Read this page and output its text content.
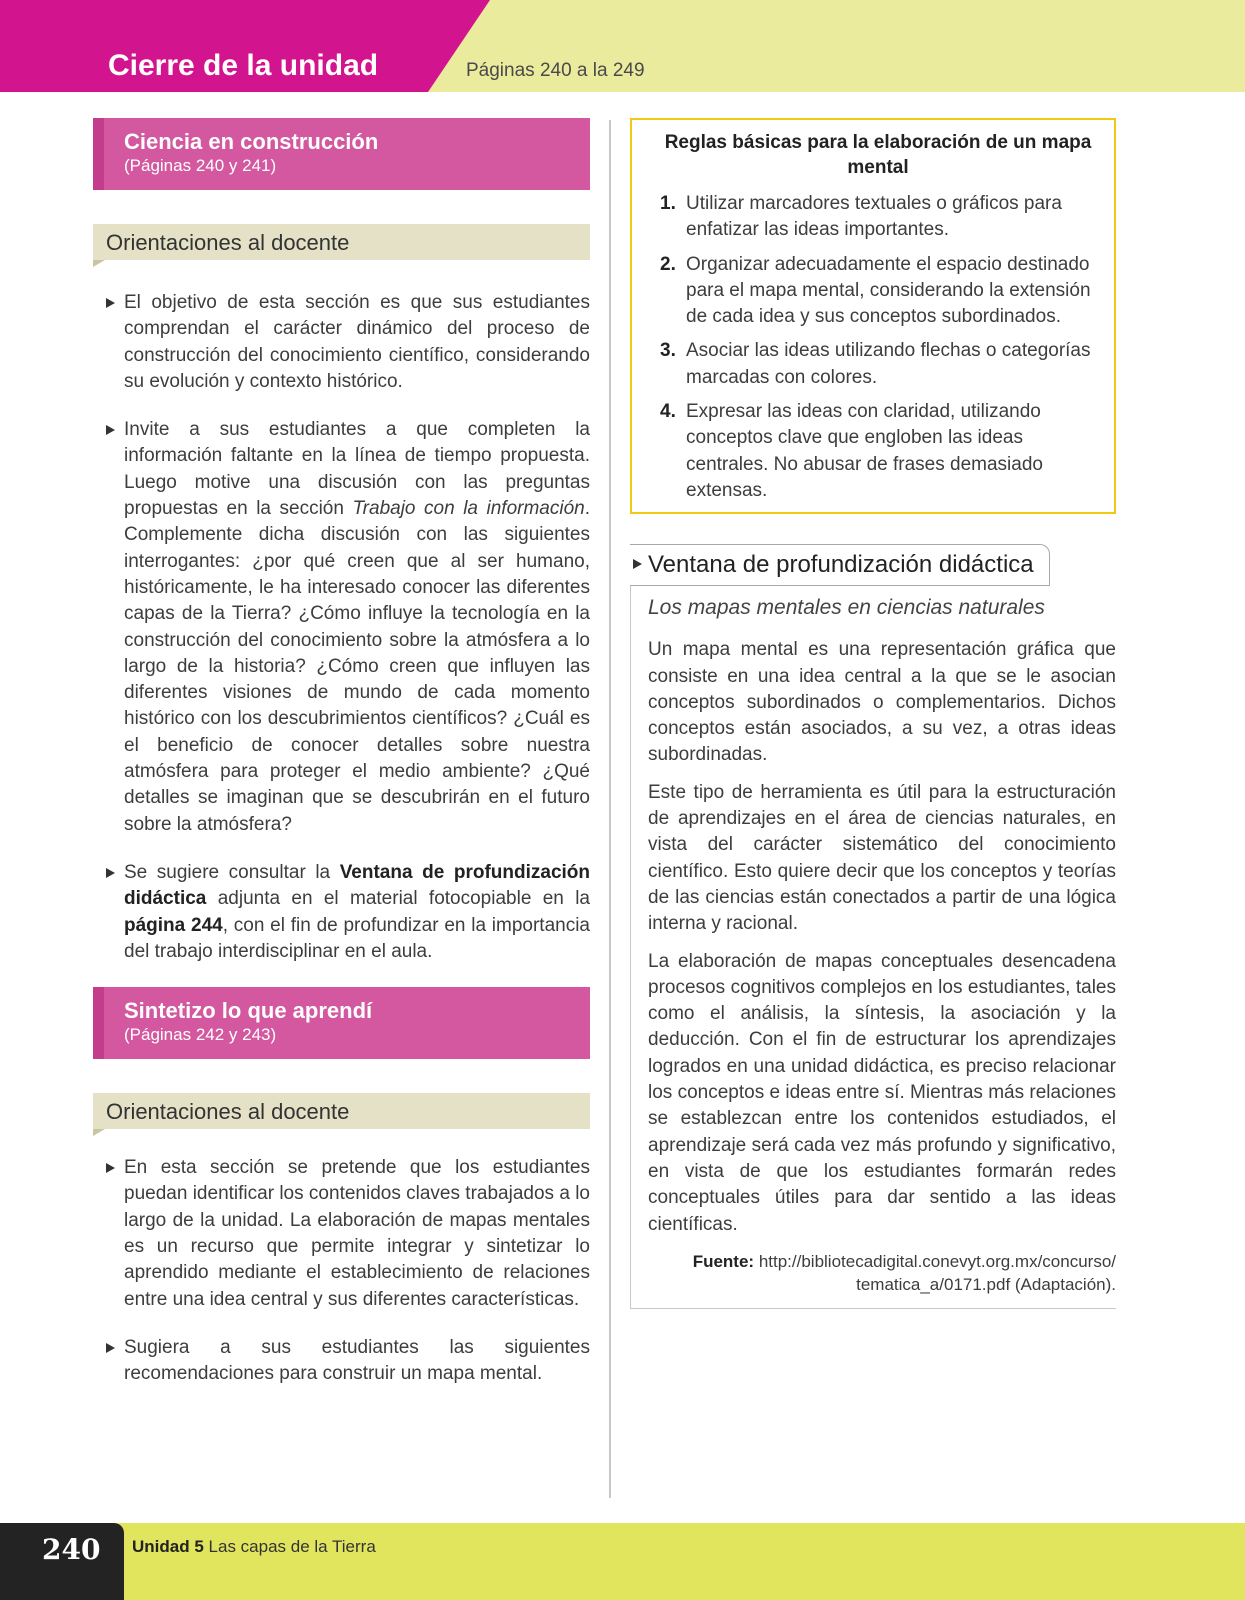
Cierre de la unidad	Páginas 240 a la 249
Ciencia en construcción
(Páginas 240 y 241)
Orientaciones al docente

El objetivo de esta sección es que sus estudiantes comprendan el carácter dinámico del proceso de construcción del conocimiento científico, considerando su evolución y contexto histórico.

Invite a sus estudiantes a que completen la información faltante en la línea de tiempo propuesta. Luego motive una discusión con las preguntas propuestas en la sección Trabajo con la información. Complemente dicha discusión con las siguientes interrogantes: ¿por qué creen que al ser humano, históricamente, le ha interesado conocer las diferentes capas de la Tierra? ¿Cómo influye la tecnología en la construcción del conocimiento sobre la atmósfera a lo largo de la historia? ¿Cómo creen que influyen las diferentes visiones de mundo de cada momento histórico con los descubrimientos científicos? ¿Cuál es el beneficio de conocer detalles sobre nuestra atmósfera para proteger el medio ambiente? ¿Qué detalles se imaginan que se descubrirán en el futuro sobre la atmósfera?

Se sugiere consultar la Ventana de profundización didáctica adjunta en el material fotocopiable en la página 244, con el fin de profundizar en la importancia del trabajo interdisciplinar en el aula.

Sintetizo lo que aprendí
(Páginas 242 y 243)
Orientaciones al docente

En esta sección se pretende que los estudiantes puedan identificar los contenidos claves trabajados a lo largo de la unidad. La elaboración de mapas mentales es un recurso que permite integrar y sintetizar lo aprendido mediante el establecimiento de relaciones entre una idea central y sus diferentes características.

Sugiera a sus estudiantes las siguientes recomendaciones para construir un mapa mental.

Reglas básicas para la elaboración de un mapa mental
1. Utilizar marcadores textuales o gráficos para enfatizar las ideas importantes.
2. Organizar adecuadamente el espacio destinado para el mapa mental, considerando la extensión de cada idea y sus conceptos subordinados.
3. Asociar las ideas utilizando flechas o categorías marcadas con colores.
4. Expresar las ideas con claridad, utilizando conceptos clave que engloben las ideas centrales. No abusar de frases demasiado extensas.
Ventana de profundización didáctica
Los mapas mentales en ciencias naturales

Un mapa mental es una representación gráfica que consiste en una idea central a la que se le asocian conceptos subordinados o complementarios. Dichos conceptos están asociados, a su vez, a otras ideas subordinadas.

Este tipo de herramienta es útil para la estructuración de aprendizajes en el área de ciencias naturales, en vista del carácter sistemático del conocimiento científico. Esto quiere decir que los conceptos y teorías de las ciencias están conectados a partir de una lógica interna y racional.

La elaboración de mapas conceptuales desencadena procesos cognitivos complejos en los estudiantes, tales como el análisis, la síntesis, la asociación y la deducción. Con el fin de estructurar los aprendizajes logrados en una unidad didáctica, es preciso relacionar los conceptos e ideas entre sí. Mientras más relaciones se establezcan entre los contenidos estudiados, el aprendizaje será cada vez más profundo y significativo, en vista de que los estudiantes formarán redes conceptuales útiles para dar sentido a las ideas científicas.

Fuente: http://bibliotecadigital.conevyt.org.mx/concurso/ tematica_a/0171.pdf (Adaptación).

240 Unidad 5 Las capas de la Tierra
